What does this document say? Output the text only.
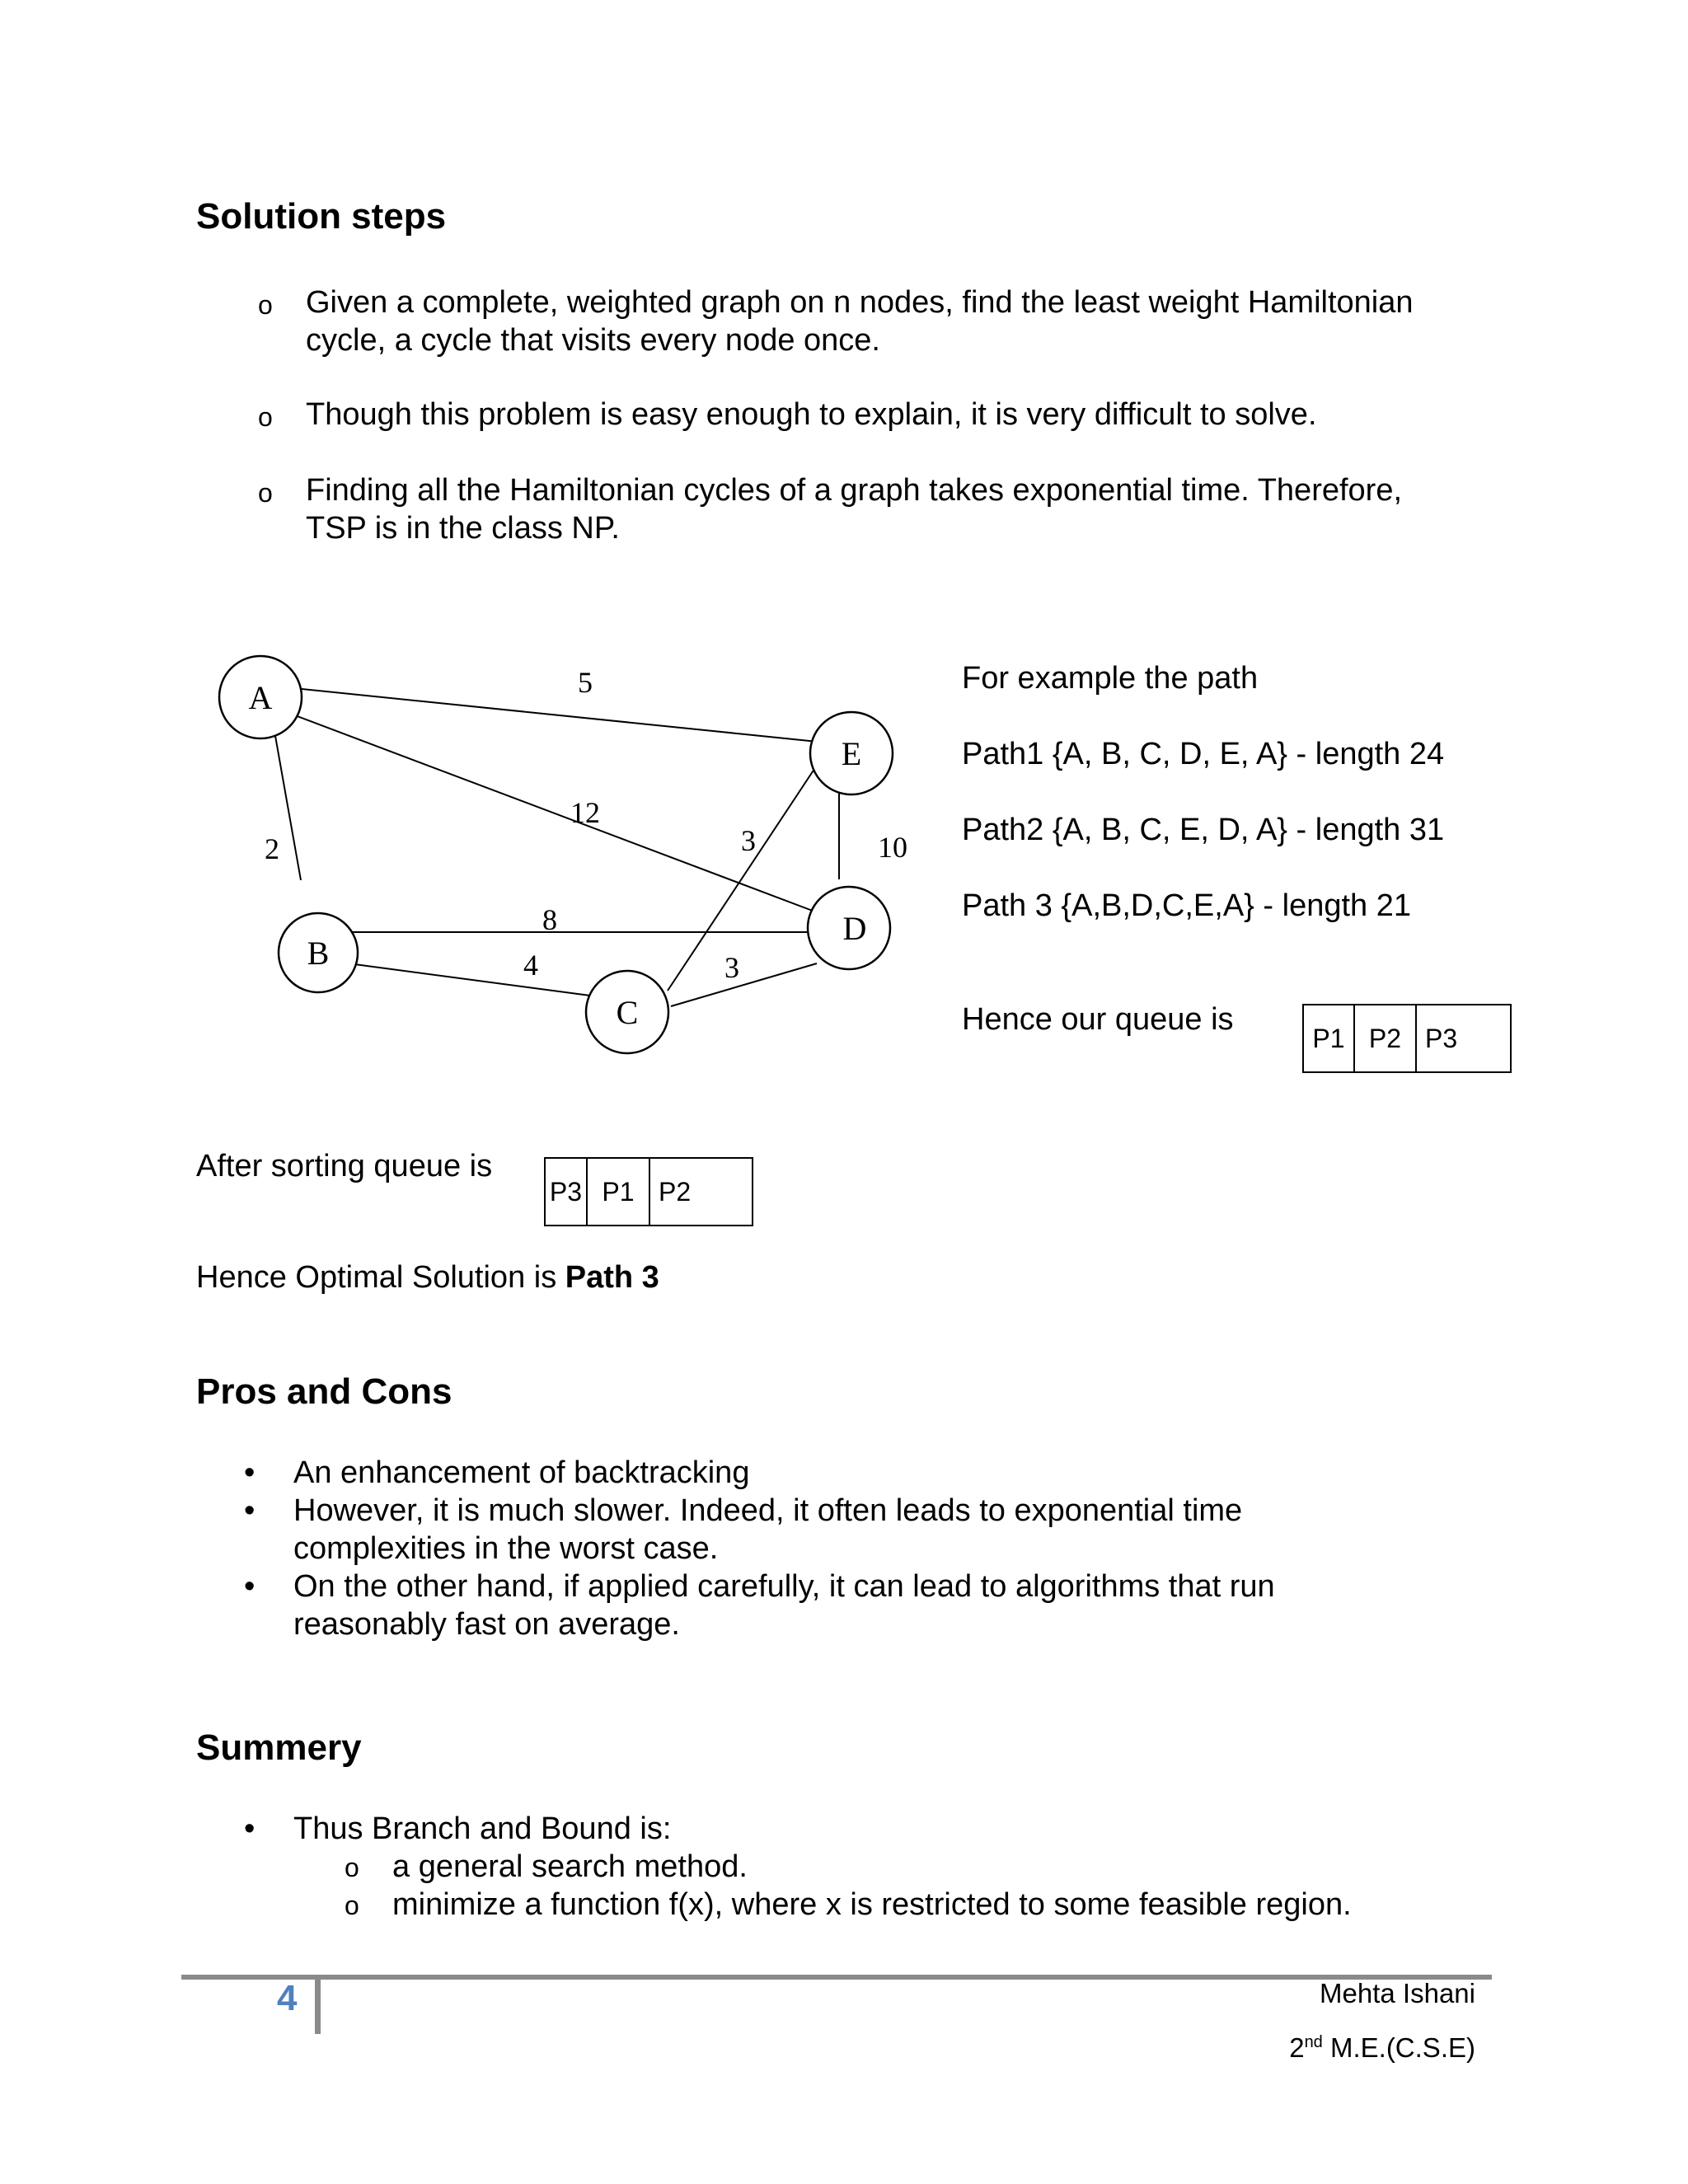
Solution steps
o Given a complete, weighted graph on n nodes, find the least weight Hamiltonian
cycle, a cycle that visits every node once.
o Though this problem is easy enough to explain, it is very difficult to solve.
o Finding all the Hamiltonian cycles of a graph takes exponential time. Therefore,
TSP is in the class NP.
A
B
C
D
E
5
2
12
3	10
8
4	3
For example the path
Path1 {A, B, C, D, E, A} - length 24
Path2 {A, B, C, E, D, A} - length 31
Path 3 {A,B,D,C,E,A} - length 21
Hence our queue is
P1 P2 P3
After sorting queue is
P3 P1 P2
Hence Optimal Solution is Path 3
Pros and Cons
• An enhancement of backtracking
• However, it is much slower. Indeed, it often leads to exponential time
complexities in the worst case.
• On the other hand, if applied carefully, it can lead to algorithms that run
reasonably fast on average.
Summery
• Thus Branch and Bound is:
o a general search method.
o minimize a function f(x), where x is restricted to some feasible region.
4	Mehta Ishani
2nd M.E.(C.S.E)
